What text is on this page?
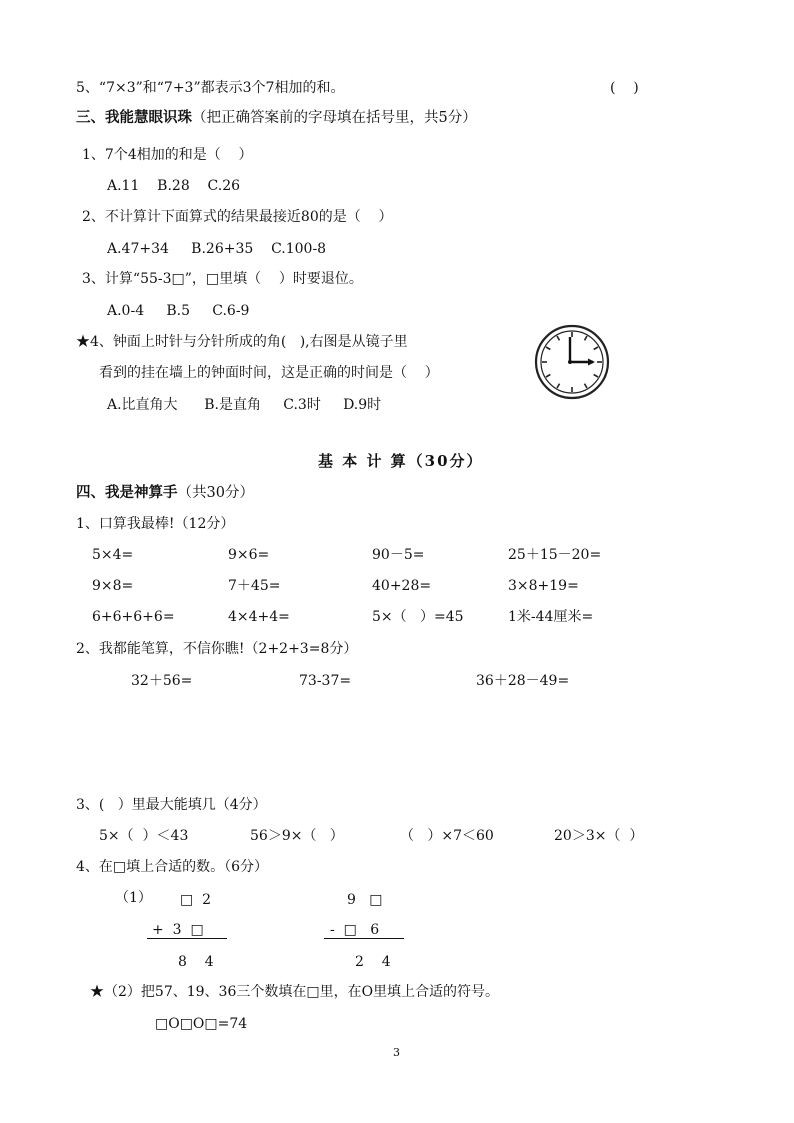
5、“7×3”和“7+3”都表示3个7相加的和。	(    )
三、我能慧眼识珠（把正确答案前的字母填在括号里，共5分）
1、7个4相加的和是（    ）
A.11    B.28    C.26
2、不计算计下面算式的结果最接近80的是（    ）
A.47+34     B.26+35    C.100-8
3、计算“55-3□”，□里填（    ）时要退位。
A.0-4     B.5     C.6-9
★4、钟面上时针与分针所成的角(   ),右图是从镜子里
看到的挂在墙上的钟面时间，这是正确的时间是（    ）
A.比直角大      B.是直角     C.3时     D.9时
基 本 计 算（30分）
四、我是神算手（共30分）
1、口算我最棒!（12分）
5×4=	9×6=	90－5=	25＋15－20=
9×8=	7＋45=	40+28=	3×8+19=
6+6+6+6=	4×4+4=	5×（   ）=45	1米-44厘米=
2、我都能笔算，不信你瞧!（2+2+3=8分）
32＋56=	73-37=	36＋28－49=
3、(   ）里最大能填几（4分）
5×（  ）＜43	56＞9×（   ）	（   ）×7＜60	20＞3×（  ）
4、在□填上合适的数。（6分）
（1） □  2
+  3  □
8    4
9   □
-  □   6
2    4
★（2）把57、19、36三个数填在□里，在O里填上合适的符号。
□O□O□=74
3
